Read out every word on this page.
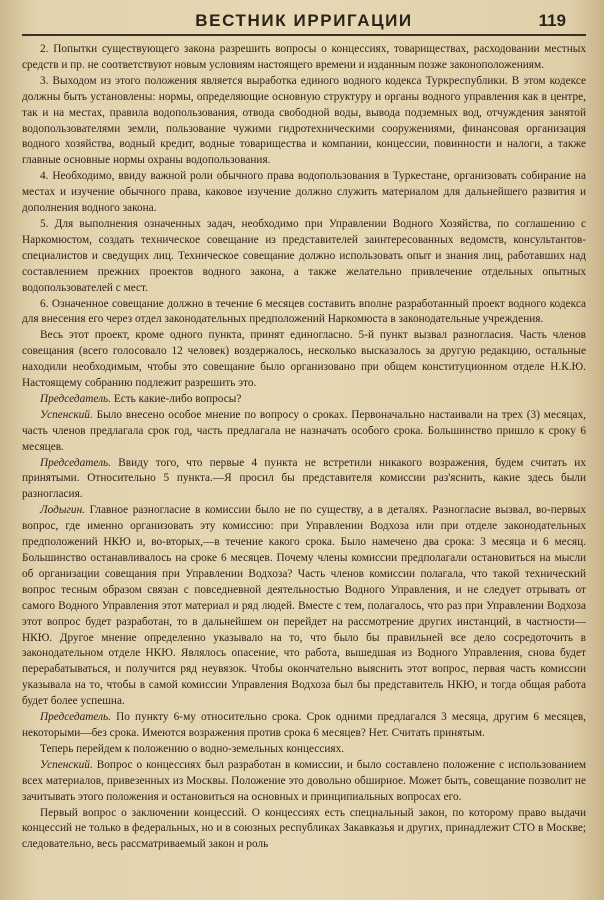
ВЕСТНИК ИРРИГАЦИИ	119

2. Попытки существующего закона разрешить вопросы о концессиях, товариществах, расходовании местных средств и пр. не соответствуют новым условиям настоящего времени и изданным позже законоположениям.

3. Выходом из этого положения является выработка единого водного кодекса Туркреспублики. В этом кодексе должны быть установлены: нормы, определяющие основную структуру и органы водного управления как в центре, так и на местах, правила водопользования, отвода свободной воды, вывода подземных вод, отчуждения занятой водопользователями земли, пользование чужими гидротехническими сооружениями, финансовая организация водного хозяйства, водный кредит, водные товарищества и компании, концессии, повинности и налоги, а также главные основные нормы охраны водопользования.

4. Необходимо, ввиду важной роли обычного права водопользования в Туркестане, организовать собирание на местах и изучение обычного права, каковое изучение должно служить материалом для дальнейшего развития и дополнения водного закона.

5. Для выполнения означенных задач, необходимо при Управлении Водного Хозяйства, по соглашению с Наркомюстом, создать техническое совещание из представителей заинтересованных ведомств, консультантов-специалистов и сведущих лиц. Техническое совещание должно использовать опыт и знания лиц, работавших над составлением прежних проектов водного закона, а также желательно привлечение отдельных опытных водопользователей с мест.

6. Означенное совещание должно в течение 6 месяцев составить вполне разработанный проект водного кодекса для внесения его через отдел законодательных предположений Наркомюста в законодательные учреждения.

Весь этот проект, кроме одного пункта, принят единогласно. 5-й пункт вызвал разногласия. Часть членов совещания (всего голосовало 12 человек) воздержалось, несколько высказалось за другую редакцию, остальные находили необходимым, чтобы это совещание было организовано при общем конституционном отделе Н.К.Ю. Настоящему собранию подлежит разрешить это.

Председатель. Есть какие-либо вопросы?

Успенский. Было внесено особое мнение по вопросу о сроках. Первоначально настаивали на трех (3) месяцах, часть членов предлагала срок год, часть предлагала не назначать особого срока. Большинство пришло к сроку 6 месяцев.

Председатель. Ввиду того, что первые 4 пункта не встретили никакого возражения, будем считать их принятыми. Относительно 5 пункта.—Я просил бы представителя комиссии раз'яснить, какие здесь были разногласия.

Лодыгин. Главное разногласие в комиссии было не по существу, а в деталях. Разногласие вызвал, во-первых вопрос, где именно организовать эту комиссию: при Управлении Водхоза или при отделе законодательных предположений НКЮ и, во-вторых,—в течение какого срока. Было намечено два срока: 3 месяца и 6 месяц. Большинство останавливалось на сроке 6 месяцев. Почему члены комиссии предполагали остановиться на мысли об организации совещания при Управлении Водхоза? Часть членов комиссии полагала, что такой технический вопрос тесным образом связан с повседневной деятельностью Водного Управления, и не следует отрывать от самого Водного Управления этот материал и ряд людей. Вместе с тем, полагалось, что раз при Управлении Водхоза этот вопрос будет разработан, то в дальнейшем он перейдет на рассмотрение других инстанций, в частности—НКЮ. Другое мнение определенно указывало на то, что было бы правильней все дело сосредоточить в законодательном отделе НКЮ. Являлось опасение, что работа, вышедшая из Водного Управления, снова будет перерабатываться, и получится ряд неувязок. Чтобы окончательно выяснить этот вопрос, первая часть комиссии указывала на то, чтобы в самой комиссии Управления Водхоза был бы представитель НКЮ, и тогда общая работа будет более успешна.

Председатель. По пункту 6-му относительно срока. Срок одними предлагался 3 месяца, другим 6 месяцев, некоторыми—без срока. Имеются возражения против срока 6 месяцев? Нет. Считать принятым.

Теперь перейдем к положению о водно-земельных концессиях.

Успенский. Вопрос о концессиях был разработан в комиссии, и было составлено положение с использованием всех материалов, привезенных из Москвы. Положение это довольно обширное. Может быть, совещание позволит не зачитывать этого положения и остановиться на основных и принципиальных вопросах его.

Первый вопрос о заключении концессий. О концессиях есть специальный закон, по которому право выдачи концессий не только в федеральных, но и в союзных республиках Закавказья и других, принадлежит СТО в Москве; следовательно, весь рассматриваемый закон и роль
